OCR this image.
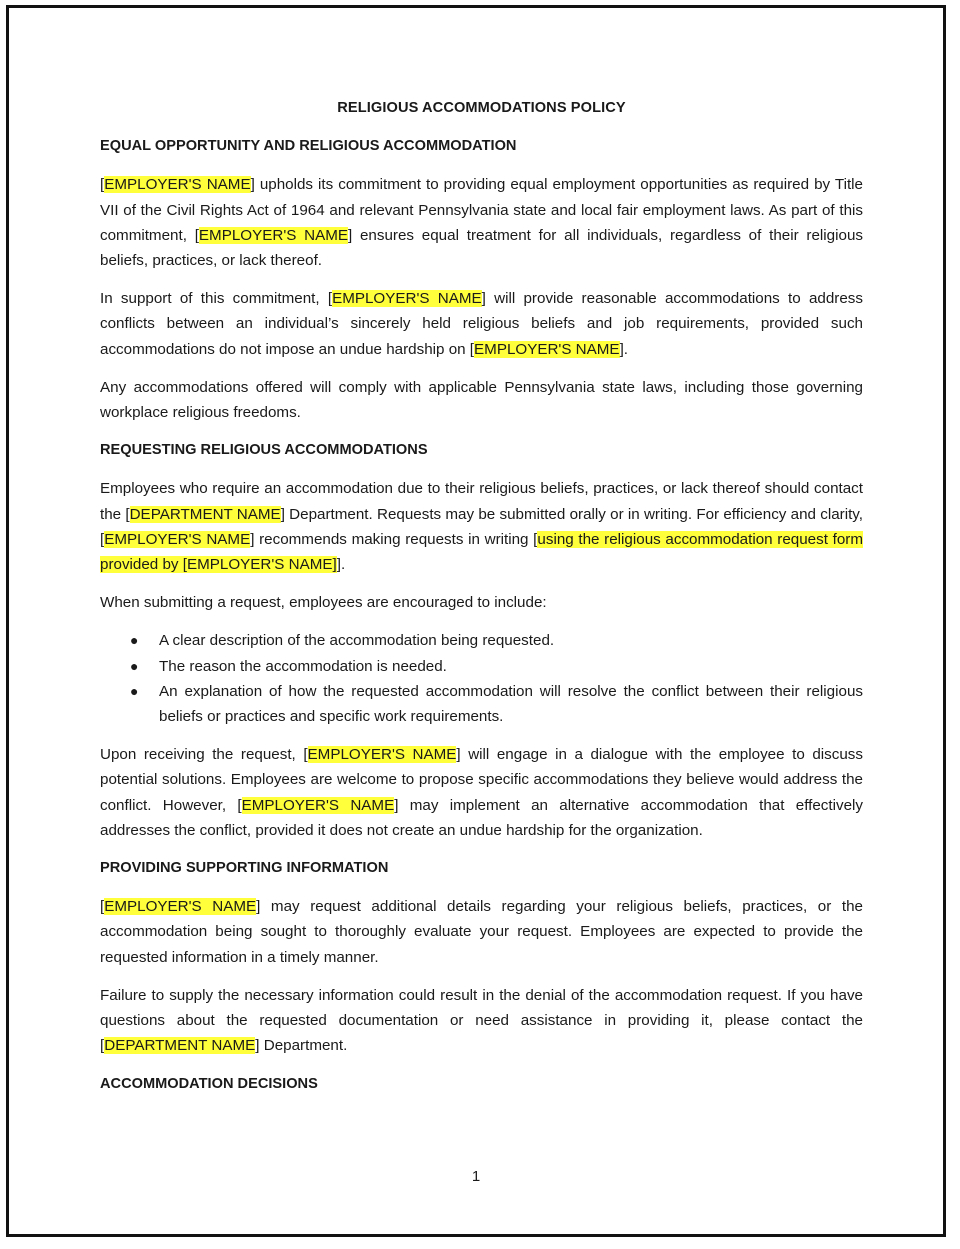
RELIGIOUS ACCOMMODATIONS POLICY
EQUAL OPPORTUNITY AND RELIGIOUS ACCOMMODATION

[EMPLOYER'S NAME] upholds its commitment to providing equal employment opportunities as required by Title VII of the Civil Rights Act of 1964 and relevant Pennsylvania state and local fair employment laws. As part of this commitment, [EMPLOYER'S NAME] ensures equal treatment for all individuals, regardless of their religious beliefs, practices, or lack thereof.

In support of this commitment, [EMPLOYER'S NAME] will provide reasonable accommodations to address conflicts between an individual’s sincerely held religious beliefs and job requirements, provided such accommodations do not impose an undue hardship on [EMPLOYER'S NAME].

Any accommodations offered will comply with applicable Pennsylvania state laws, including those governing workplace religious freedoms.

REQUESTING RELIGIOUS ACCOMMODATIONS

Employees who require an accommodation due to their religious beliefs, practices, or lack thereof should contact the [DEPARTMENT NAME] Department. Requests may be submitted orally or in writing. For efficiency and clarity, [EMPLOYER'S NAME] recommends making requests in writing [using the religious accommodation request form provided by [EMPLOYER'S NAME]].

When submitting a request, employees are encouraged to include:

● A clear description of the accommodation being requested.
● The reason the accommodation is needed.
● An explanation of how the requested accommodation will resolve the conflict between their religious beliefs or practices and specific work requirements.

Upon receiving the request, [EMPLOYER'S NAME] will engage in a dialogue with the employee to discuss potential solutions. Employees are welcome to propose specific accommodations they believe would address the conflict. However, [EMPLOYER'S NAME] may implement an alternative accommodation that effectively addresses the conflict, provided it does not create an undue hardship for the organization.

PROVIDING SUPPORTING INFORMATION

[EMPLOYER'S NAME] may request additional details regarding your religious beliefs, practices, or the accommodation being sought to thoroughly evaluate your request. Employees are expected to provide the requested information in a timely manner.

Failure to supply the necessary information could result in the denial of the accommodation request. If you have questions about the requested documentation or need assistance in providing it, please contact the [DEPARTMENT NAME] Department.

ACCOMMODATION DECISIONS
1
